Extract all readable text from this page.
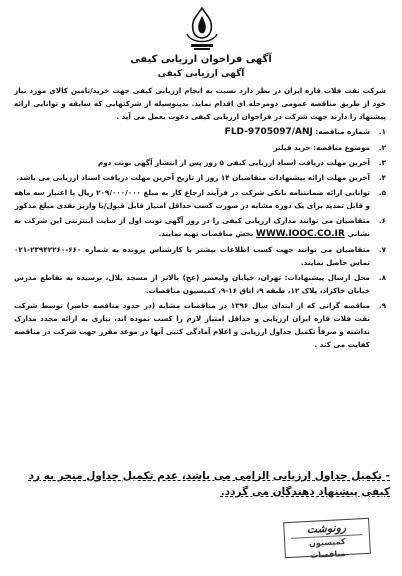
آگهی فراخوان ارزیابی کیفی
آگهی ارزیابی کیفی

شرکت نفت فلات قاره ایران در نظر دارد نسبت به انجام ارزیابی کیفی جهت خرید/تامین کالای مورد نیاز خود از طریق مناقصه عمومی دومرحله ای اقدام نماید. بدینوسیله از شرکتهایی که سابقه و توانایی ارائه پیشنهاد را دارند جهت شرکت در فراخوان ارزیابی کیفی دعوت بعمل می آید .

١.
شماره مناقصه: FLD-9705097/ANJ
٢.
موضوع مناقصه: خرید فیلتر
٣.
آخرین مهلت دریافت اسناد ارزیابی کیفی ۵ روز پس از انتشار آگهی نوبت دوم
۴.
آخرین مهلت ارائه پیشنهادات متقاضیان ۱۴ روز از تاریخ آخرین مهلت دریافت اسناد ارزیابی می باشد.
۵.
توانایی ارائه ضمانتنامه بانکی شرکت در فرآیند ارجاع کار به مبلغ ۲۰۹/۰۰۰/۰۰۰ ریال یا اعتبار سه ماهه و قابل تمدید برای یک دوره مشابه در صورت کسب حداقل امتیاز قابل قبول/یا واریز نقدی مبلغ مذکور
۶.
متقاضیان می توانند مدارک ارزیابی کیفی را در روز آگهی نوبت اول از سایت اینترنتی این شرکت به نشانی WWW.IOOC.CO.IR بخش مناقصات تهیه نمایند.
٧.
متقاضیان می توانند جهت کسب اطلاعات بیشتر با کارشناس پرونده به شماره ۶۶۰-۲۳۹۴۲۲۶۰-۰۲۱ تماس حاصل نمایند.
٨.
محل ارسال پیشنهادات: تهران، خیابان ولیعصر (عج) بالاتر از مسجد بلال، نرسیده به تقاطع مدرس خیابان خاکزاد، پلاک ۱۲، طبقه ۹، اتاق ۱۶-۹، کمیسیون مناقصات.
٩.
مناقصه گرانی که از ابتدای سال ۱۳۹۶ در مناقصات مشابه (در حدود مناقصه حاضر) توسط شرکت نفت فلات قاره ایران ارزیابی و حداقل امتیاز لازم را کسب نموده اند، نیازی به ارائه مجدد مدارک نداشته و صرفاً تکمیل جداول ارزیابی و اعلام آمادگی کتبی آنها در موعد مقرر جهت شرکت در مناقصه کفایت می کند .
- تکمیل جداول ارزیابی الزامی می باشد، عدم تکمیل جداول منجر به رد کیفی پیشنهاد دهندگان می گردد.
رونوشت
کمیسیون مناقصات
